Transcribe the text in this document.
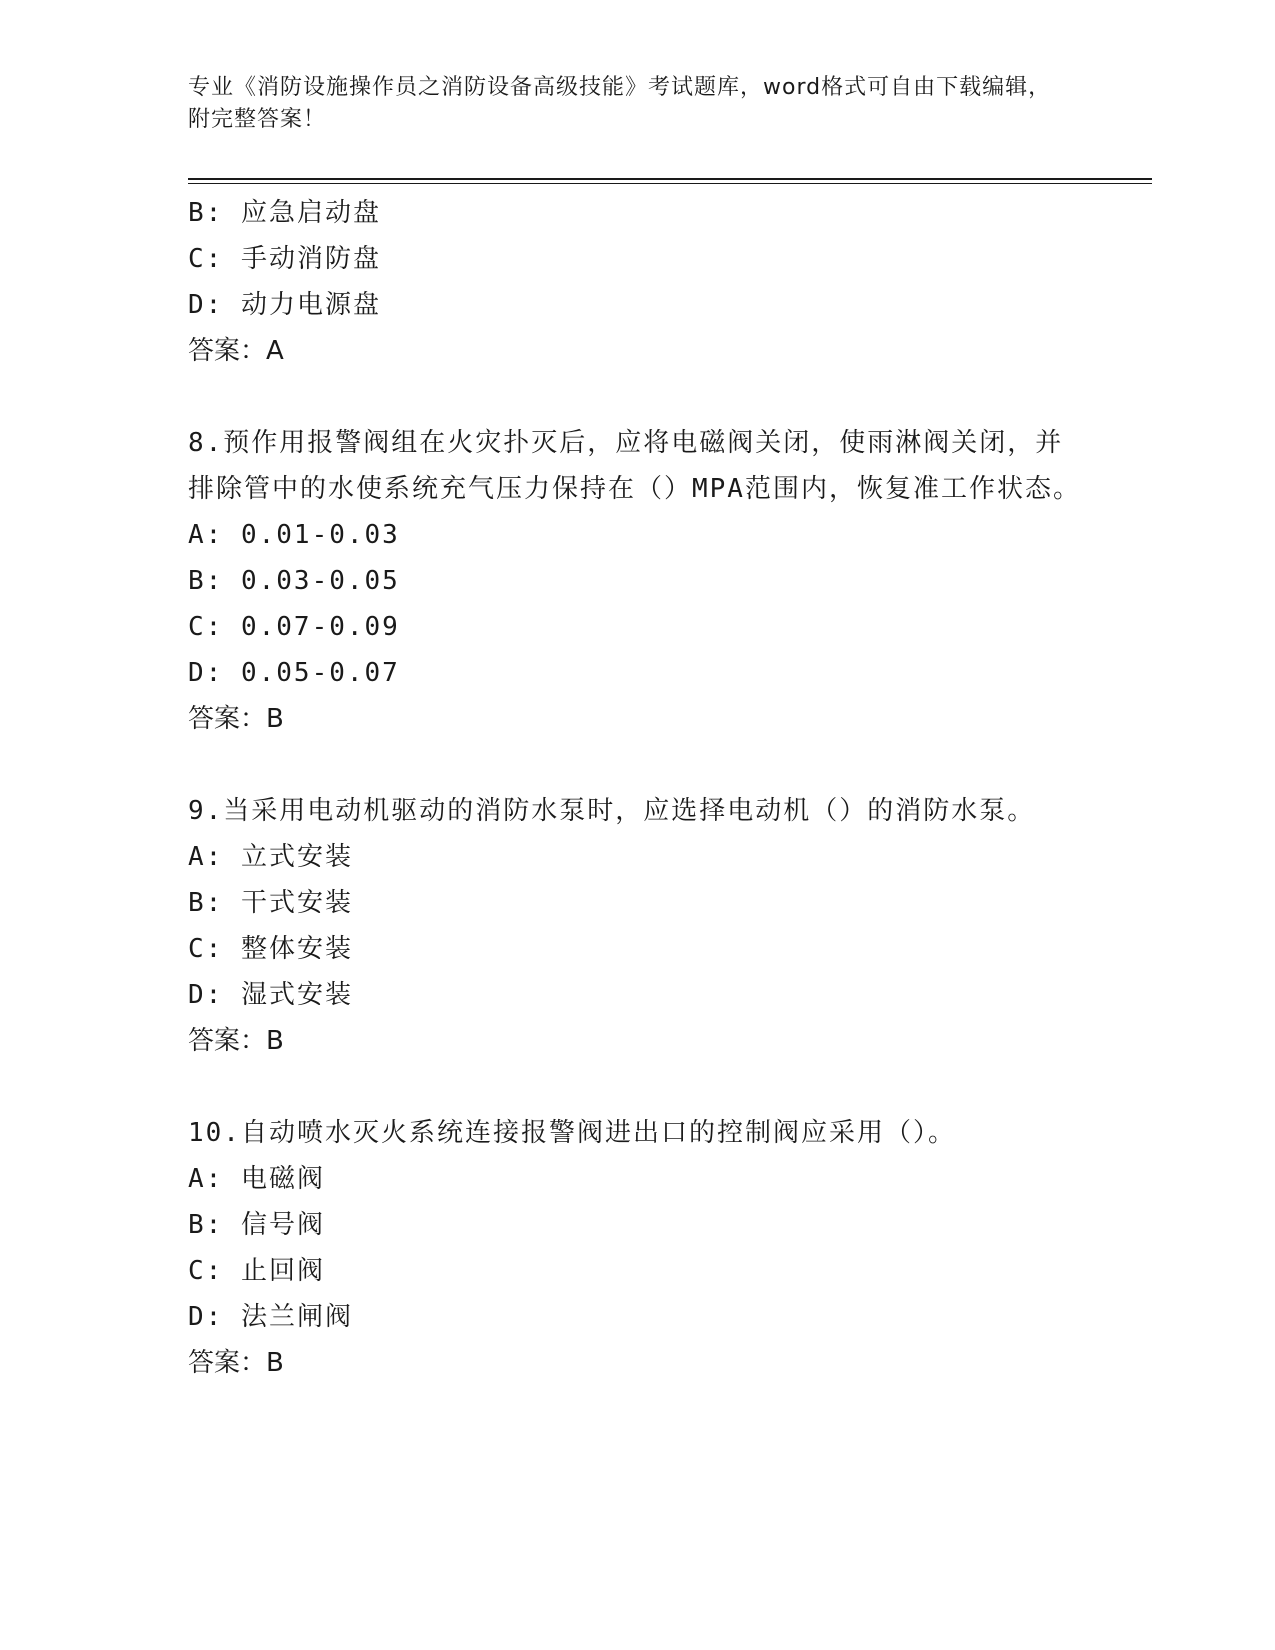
专业《消防设施操作员之消防设备高级技能》考试题库，word格式可自由下载编辑，附完整答案！
B: 应急启动盘
C: 手动消防盘
D: 动力电源盘
答案：A
8.预作用报警阀组在火灾扑灭后，应将电磁阀关闭，使雨淋阀关闭，并排除管中的水使系统充气压力保持在（）MPA范围内，恢复准工作状态。
A: 0.01-0.03
B: 0.03-0.05
C: 0.07-0.09
D: 0.05-0.07
答案：B
9.当采用电动机驱动的消防水泵时，应选择电动机（）的消防水泵。
A: 立式安装
B: 干式安装
C: 整体安装
D: 湿式安装
答案：B
10.自动喷水灭火系统连接报警阀进出口的控制阀应采用（）。
A: 电磁阀
B: 信号阀
C: 止回阀
D: 法兰闸阀
答案：B
